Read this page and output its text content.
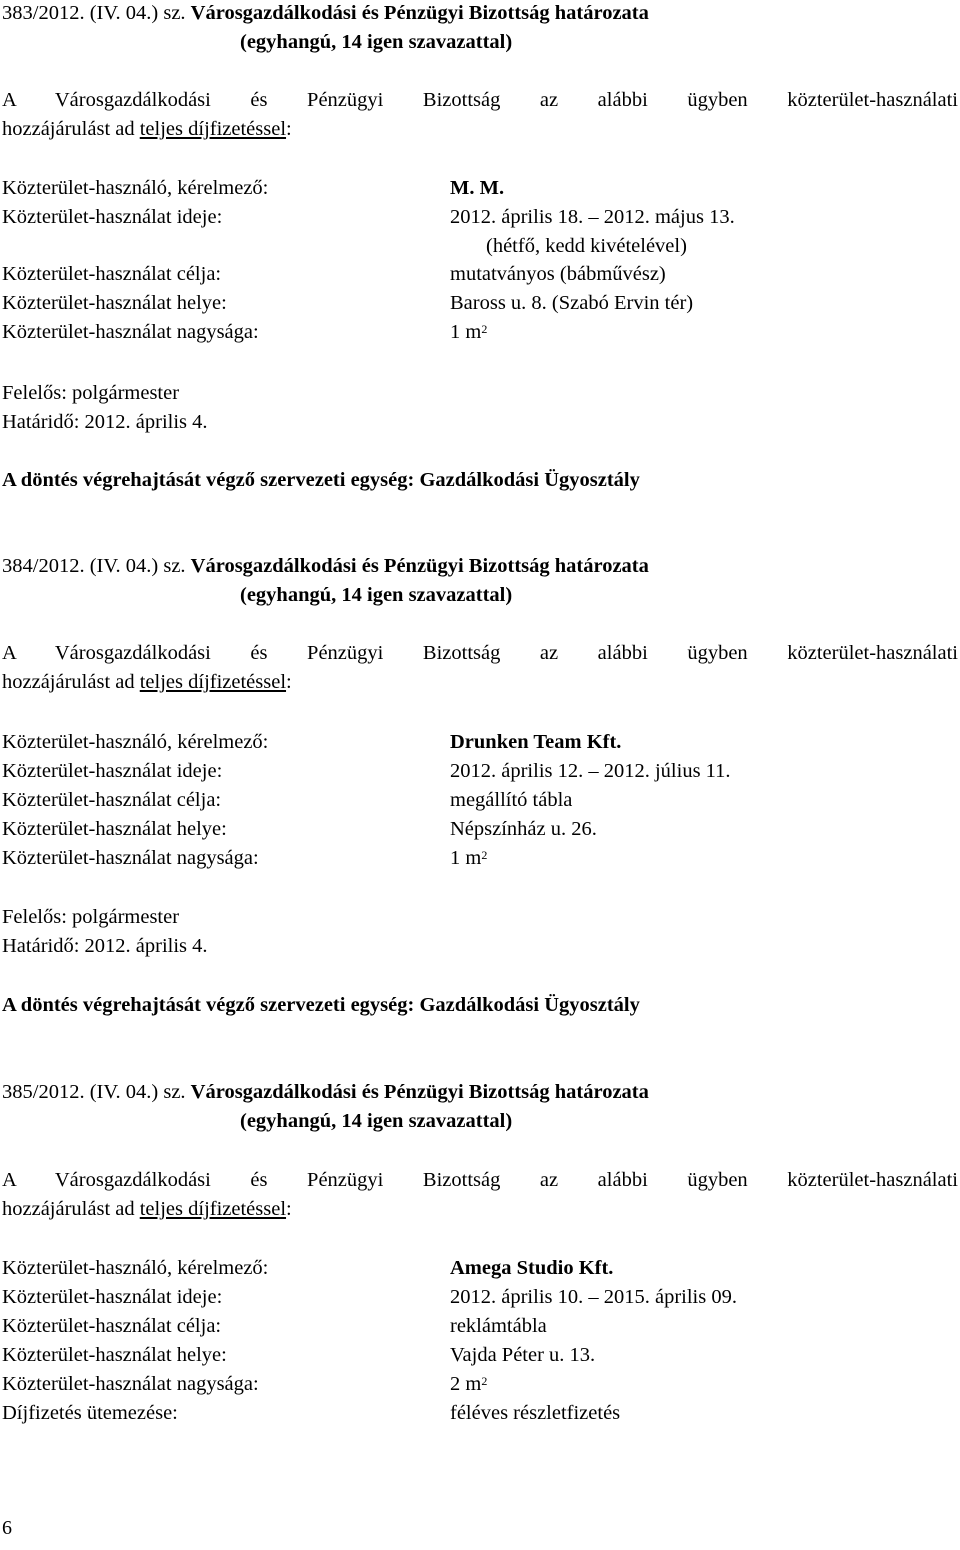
383/2012. (IV. 04.) sz. Városgazdálkodási és Pénzügyi Bizottság határozata
(egyhangú, 14 igen szavazattal)
A Városgazdálkodási és Pénzügyi Bizottság az alábbi ügyben közterület-használati
hozzájárulást ad teljes díjfizetéssel:
Közterület-használó, kérelmező:	M. M.
Közterület-használat ideje:	2012. április 18. – 2012. május 13.
(hétfő, kedd kivételével)
Közterület-használat célja:	mutatványos (bábművész)
Közterület-használat helye:	Baross u. 8. (Szabó Ervin tér)
Közterület-használat nagysága:	1 $m^2$
Felelős: polgármester
Határidő: 2012. április 4.
A döntés végrehajtását végző szervezeti egység: Gazdálkodási Ügyosztály
384/2012. (IV. 04.) sz. Városgazdálkodási és Pénzügyi Bizottság határozata
(egyhangú, 14 igen szavazattal)
A Városgazdálkodási és Pénzügyi Bizottság az alábbi ügyben közterület-használati
hozzájárulást ad teljes díjfizetéssel:
Közterület-használó, kérelmező:	Drunken Team Kft.
Közterület-használat ideje:	2012. április 12. – 2012. július 11.
Közterület-használat célja:	megállító tábla
Közterület-használat helye:	Népszínház u. 26.
Közterület-használat nagysága:	1 $m^2$
Felelős: polgármester
Határidő: 2012. április 4.
A döntés végrehajtását végző szervezeti egység: Gazdálkodási Ügyosztály
385/2012. (IV. 04.) sz. Városgazdálkodási és Pénzügyi Bizottság határozata
(egyhangú, 14 igen szavazattal)
A Városgazdálkodási és Pénzügyi Bizottság az alábbi ügyben közterület-használati
hozzájárulást ad teljes díjfizetéssel:
Közterület-használó, kérelmező:	Amega Studio Kft.
Közterület-használat ideje:	2012. április 10. – 2015. április 09.
Közterület-használat célja:	reklámtábla
Közterület-használat helye:	Vajda Péter u. 13.
Közterület-használat nagysága:	2 $m^2$
Díjfizetés ütemezése:	féléves részletfizetés
6
